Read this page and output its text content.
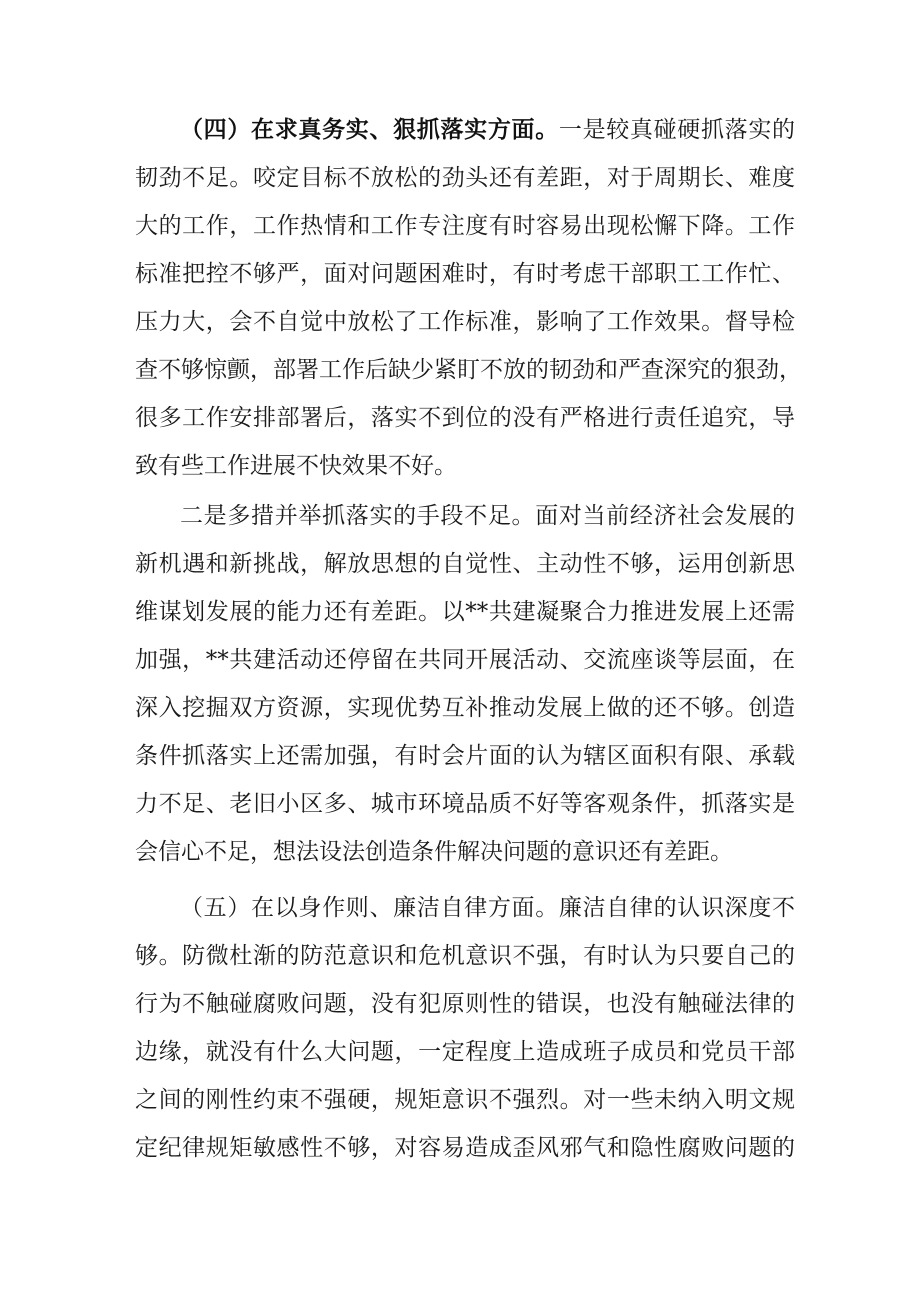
（四）在求真务实、狠抓落实方面。一是较真碰硬抓落实的
韧劲不足。咬定目标不放松的劲头还有差距，对于周期长、难度
大的工作，工作热情和工作专注度有时容易出现松懈下降。工作
标准把控不够严，面对问题困难时，有时考虑干部职工工作忙、
压力大，会不自觉中放松了工作标准，影响了工作效果。督导检
查不够惊颤，部署工作后缺少紧盯不放的韧劲和严查深究的狠劲，
很多工作安排部署后，落实不到位的没有严格进行责任追究，导
致有些工作进展不快效果不好。
二是多措并举抓落实的手段不足。面对当前经济社会发展的
新机遇和新挑战，解放思想的自觉性、主动性不够，运用创新思
维谋划发展的能力还有差距。以**共建凝聚合力推进发展上还需
加强，**共建活动还停留在共同开展活动、交流座谈等层面，在
深入挖掘双方资源，实现优势互补推动发展上做的还不够。创造
条件抓落实上还需加强，有时会片面的认为辖区面积有限、承载
力不足、老旧小区多、城市环境品质不好等客观条件，抓落实是
会信心不足，想法设法创造条件解决问题的意识还有差距。
（五）在以身作则、廉洁自律方面。廉洁自律的认识深度不
够。防微杜渐的防范意识和危机意识不强，有时认为只要自己的
行为不触碰腐败问题，没有犯原则性的错误，也没有触碰法律的
边缘，就没有什么大问题，一定程度上造成班子成员和党员干部
之间的刚性约束不强硬，规矩意识不强烈。对一些未纳入明文规
定纪律规矩敏感性不够，对容易造成歪风邪气和隐性腐败问题的
